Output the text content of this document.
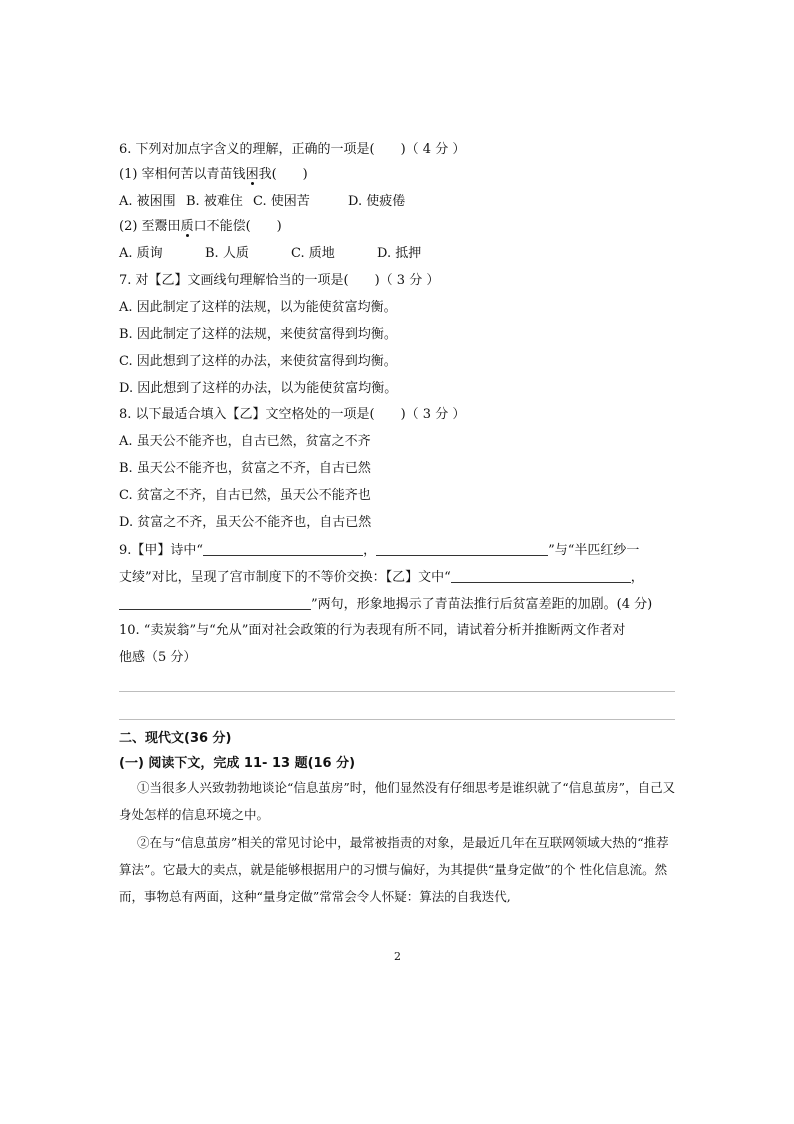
6. 下列对加点字含义的理解，正确的一项是(　　)（ 4 分 ）
(1) 宰相何苦以青苗钱困我(　　)
A. 被困围 B. 被难住 C. 使困苦	D. 使疲倦
(2) 至鬻田质口不能偿(　　)
A. 质询	B. 人质	C. 质地	D. 抵押
7. 对【乙】文画线句理解恰当的一项是(　　)（ 3 分 ）
A. 因此制定了这样的法规，以为能使贫富均衡。
B. 因此制定了这样的法规，来使贫富得到均衡。
C. 因此想到了这样的办法，来使贫富得到均衡。
D. 因此想到了这样的办法，以为能使贫富均衡。
8. 以下最适合填入【乙】文空格处的一项是(　　)（ 3 分 ）
A. 虽天公不能齐也，自古已然，贫富之不齐
B. 虽天公不能齐也，贫富之不齐，自古已然
C. 贫富之不齐，自古已然，虽天公不能齐也
D. 贫富之不齐，虽天公不能齐也，自古已然
9.【甲】诗中“	，	”与“半匹红纱一
丈绫”对比，呈现了宫市制度下的不等价交换：【乙】文中“	，
”两句，形象地揭示了青苗法推行后贫富差距的加剧。(4 分)
10. “卖炭翁”与“允从”面对社会政策的行为表现有所不同，请试着分析并推断两文作者对
他感（5 分）
二、现代文(36 分)
(一) 阅读下文，完成 11- 13 题(16 分)
①当很多人兴致勃勃地谈论“信息茧房”时，他们显然没有仔细思考是谁织就了“信息茧房”，自己又身处怎样的信息环境之中。
②在与“信息茧房”相关的常见讨论中，最常被指责的对象，是最近几年在互联网领域大热的“推荐算法”。它最大的卖点，就是能够根据用户的习惯与偏好，为其提供“量身定做”的个 性化信息流。然而，事物总有两面，这种“量身定做”常常会令人怀疑：算法的自我迭代,
2
